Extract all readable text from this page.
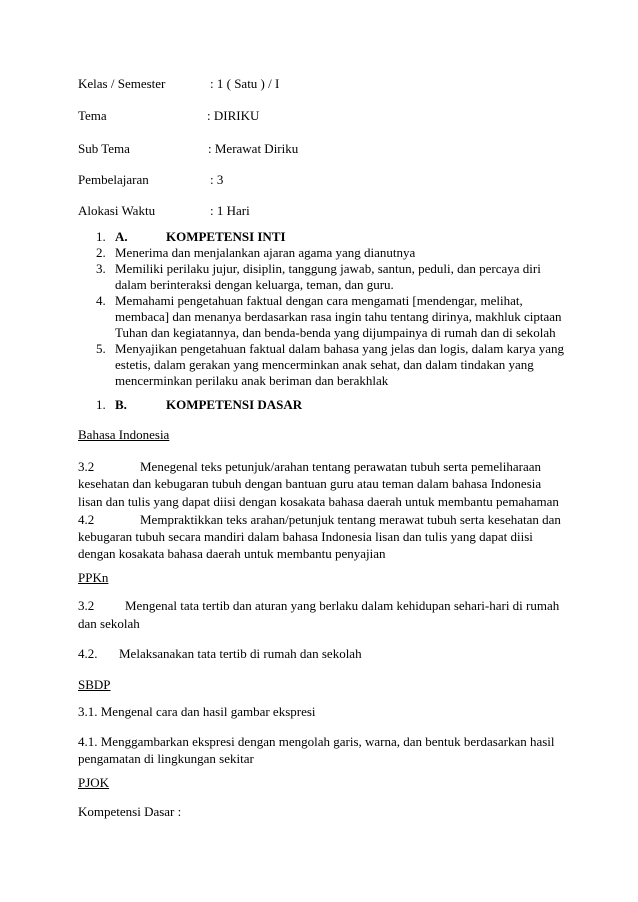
Kelas / Semester	: 1 ( Satu ) / I
Tema	: DIRIKU
Sub Tema	: Merawat Diriku
Pembelajaran	: 3
Alokasi Waktu	: 1 Hari
1. A.	KOMPETENSI INTI
2. Menerima dan menjalankan ajaran agama yang dianutnya
3. Memiliki perilaku jujur, disiplin, tanggung jawab, santun, peduli, dan percaya diri
dalam berinteraksi dengan keluarga, teman, dan guru.
4. Memahami pengetahuan faktual dengan cara mengamati [mendengar, melihat,
membaca] dan menanya berdasarkan rasa ingin tahu tentang dirinya, makhluk ciptaan
Tuhan dan kegiatannya, dan benda-benda yang dijumpainya di rumah dan di sekolah
5. Menyajikan pengetahuan faktual dalam bahasa yang jelas dan logis, dalam karya yang
estetis, dalam gerakan yang mencerminkan anak sehat, dan dalam tindakan yang
mencerminkan perilaku anak beriman dan berakhlak
1. B.	KOMPETENSI DASAR
Bahasa Indonesia
3.2	Menegenal teks petunjuk/arahan tentang perawatan tubuh serta pemeliharaan
kesehatan dan kebugaran tubuh dengan bantuan guru atau teman dalam bahasa Indonesia
lisan dan tulis yang dapat diisi dengan kosakata bahasa daerah untuk membantu pemahaman
4.2	Mempraktikkan teks arahan/petunjuk tentang merawat tubuh serta kesehatan dan
kebugaran tubuh secara mandiri dalam bahasa Indonesia lisan dan tulis yang dapat diisi
dengan kosakata bahasa daerah untuk membantu penyajian
PPKn
3.2 Mengenal tata tertib dan aturan yang berlaku dalam kehidupan sehari-hari di rumah
dan sekolah
4.2. Melaksanakan tata tertib di rumah dan sekolah
SBDP
3.1. Mengenal cara dan hasil gambar ekspresi
4.1. Menggambarkan ekspresi dengan mengolah garis, warna, dan bentuk berdasarkan hasil
pengamatan di lingkungan sekitar
PJOK
Kompetensi Dasar :
